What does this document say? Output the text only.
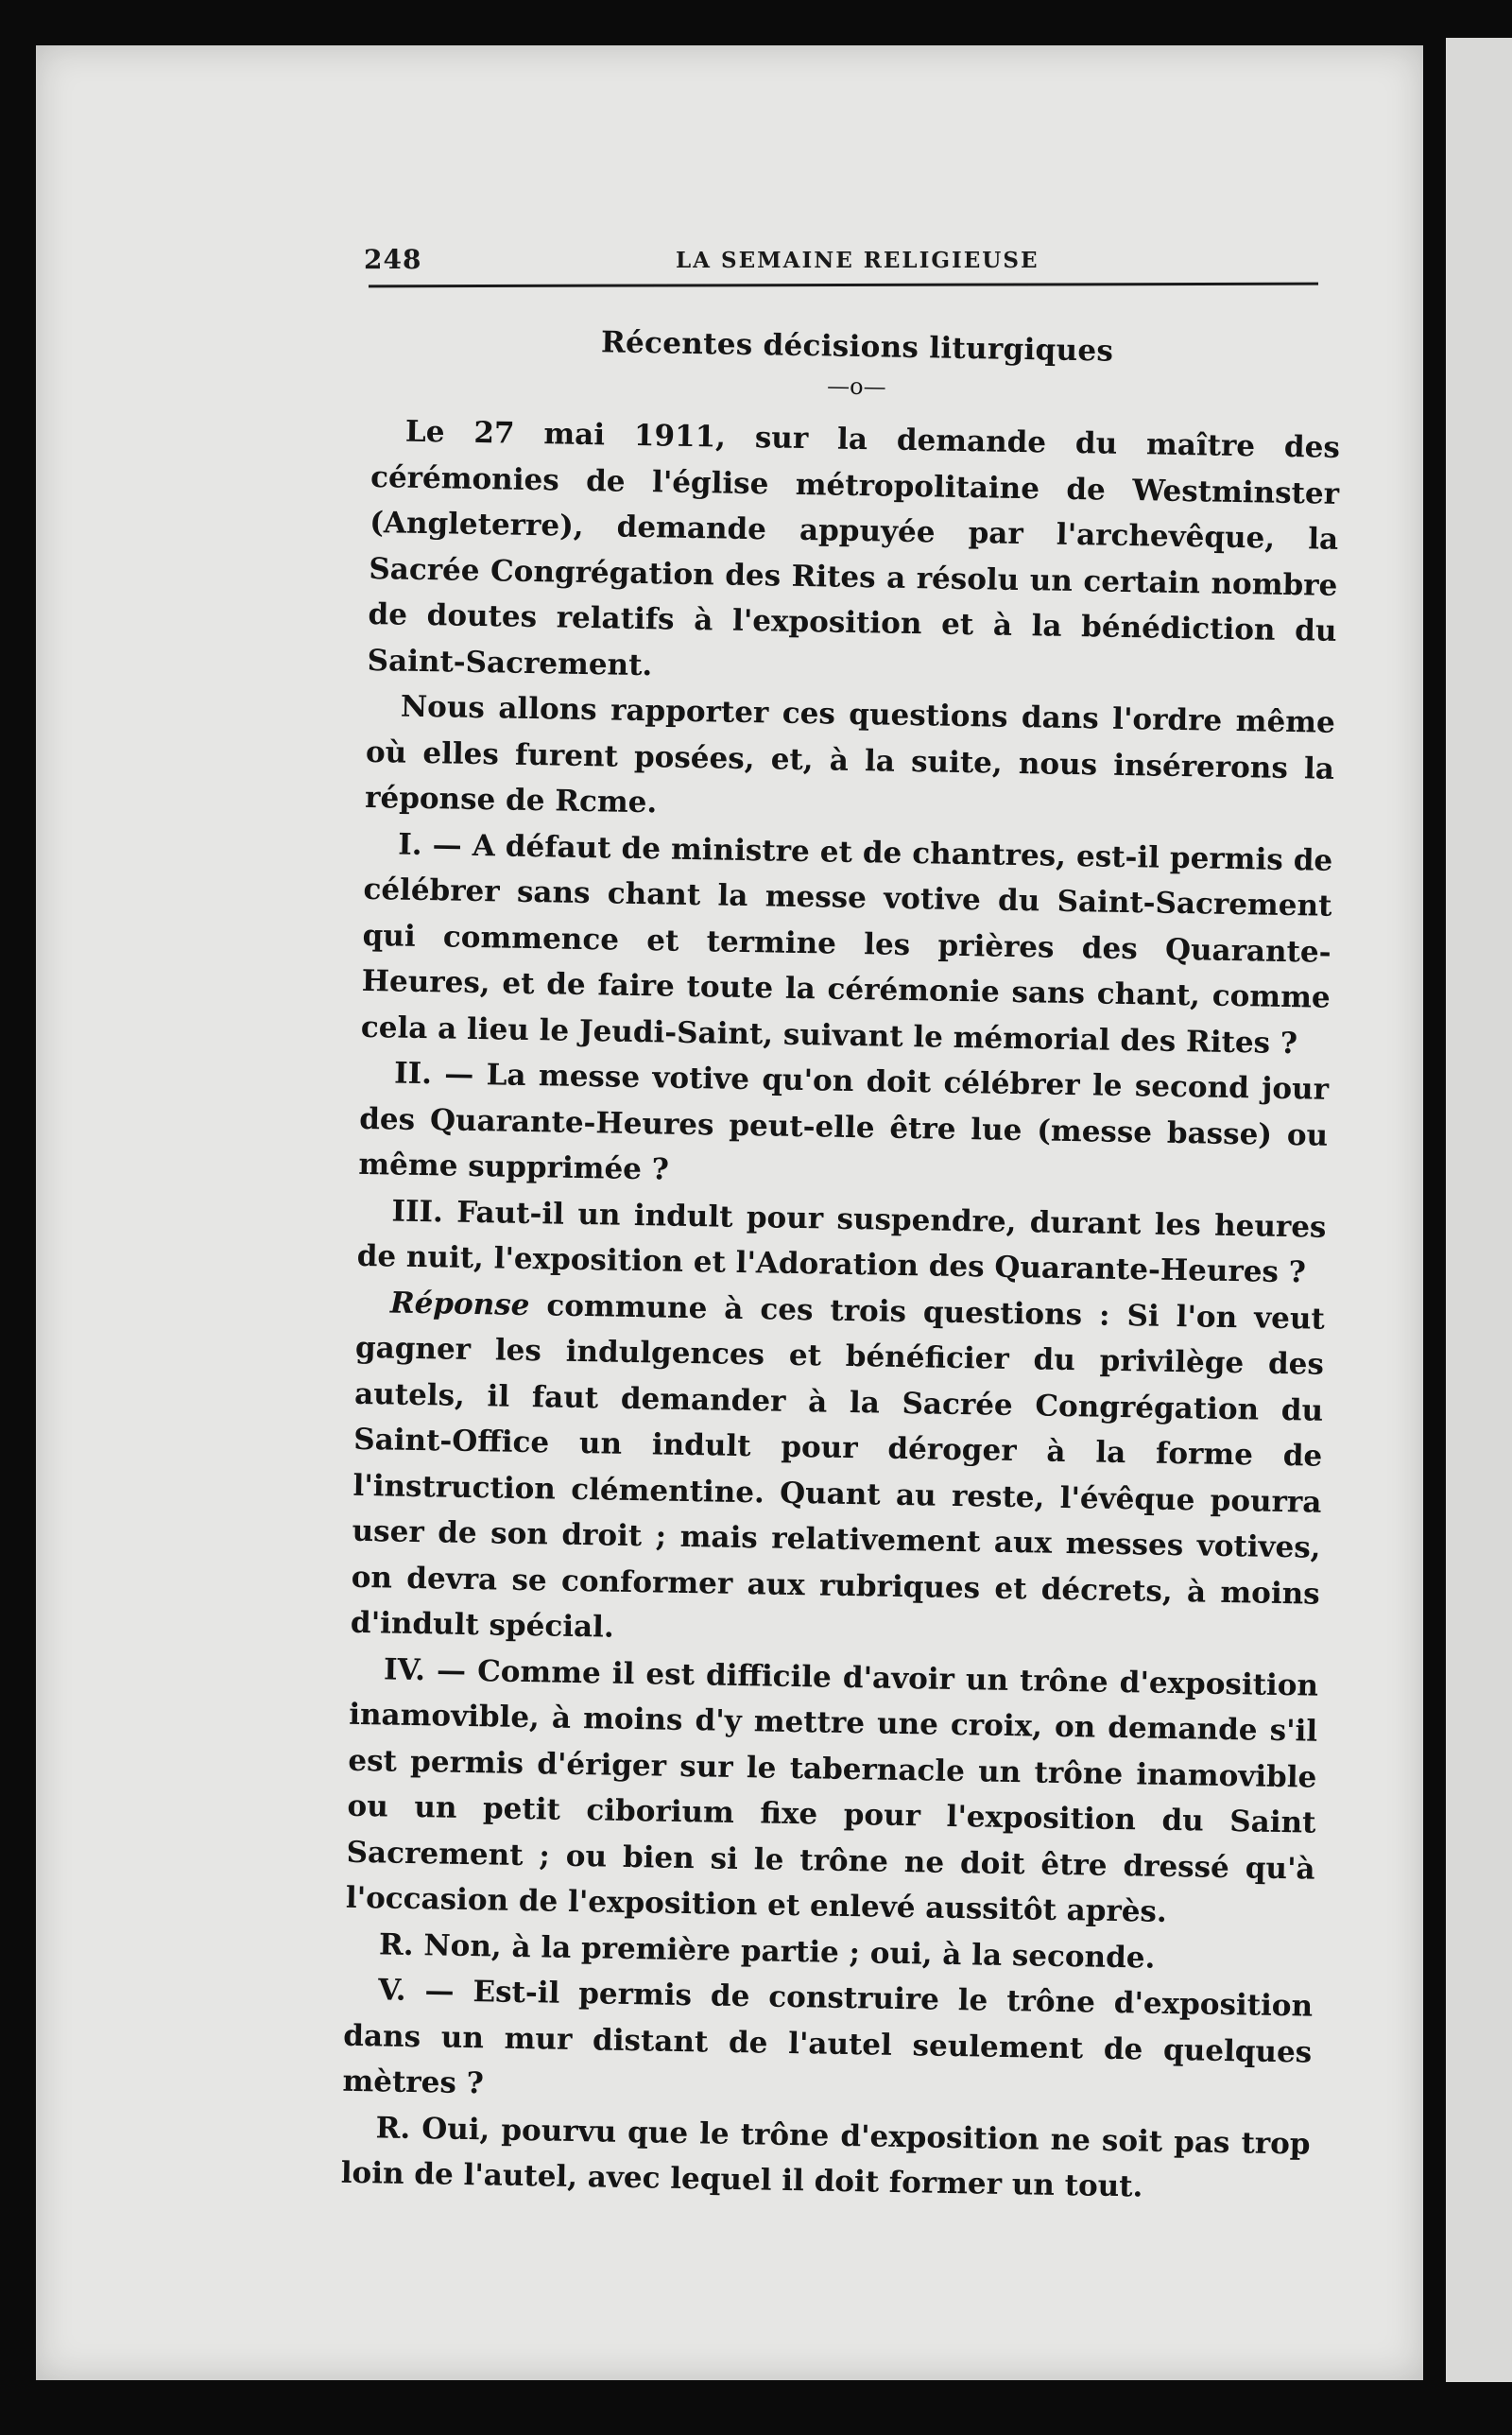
248	LA SEMAINE RELIGIEUSE
Récentes décisions liturgiques
—o—

Le 27 mai 1911, sur la demande du maître des cérémonies de l'église métropolitaine de Westminster (Angleterre), demande appuyée par l'archevêque, la Sacrée Congrégation des Rites a résolu un certain nombre de doutes relatifs à l'exposition et à la bénédiction du Saint-Sacrement.

Nous allons rapporter ces questions dans l'ordre même où elles furent posées, et, à la suite, nous insérerons la réponse de Rcme.

I. — A défaut de ministre et de chantres, est-il permis de célébrer sans chant la messe votive du Saint-Sacrement qui commence et termine les prières des Quarante-Heures, et de faire toute la cérémonie sans chant, comme cela a lieu le Jeudi-Saint, suivant le mémorial des Rites ?

II. — La messe votive qu'on doit célébrer le second jour des Quarante-Heures peut-elle être lue (messe basse) ou même supprimée ?

III. Faut-il un indult pour suspendre, durant les heures de nuit, l'exposition et l'Adoration des Quarante-Heures ?

Réponse commune à ces trois questions : Si l'on veut gagner les indulgences et bénéficier du privilège des autels, il faut demander à la Sacrée Congrégation du Saint-Office un indult pour déroger à la forme de l'instruction clémentine. Quant au reste, l'évêque pourra user de son droit ; mais relativement aux messes votives, on devra se conformer aux rubriques et décrets, à moins d'indult spécial.

IV. — Comme il est difficile d'avoir un trône d'exposition inamovible, à moins d'y mettre une croix, on demande s'il est permis d'ériger sur le tabernacle un trône inamovible ou un petit ciborium fixe pour l'exposition du Saint Sacrement ; ou bien si le trône ne doit être dressé qu'à l'occasion de l'exposition et enlevé aussitôt après.

R. Non, à la première partie ; oui, à la seconde.

V. — Est-il permis de construire le trône d'exposition dans un mur distant de l'autel seulement de quelques mètres ?

R. Oui, pourvu que le trône d'exposition ne soit pas trop loin de l'autel, avec lequel il doit former un tout.
